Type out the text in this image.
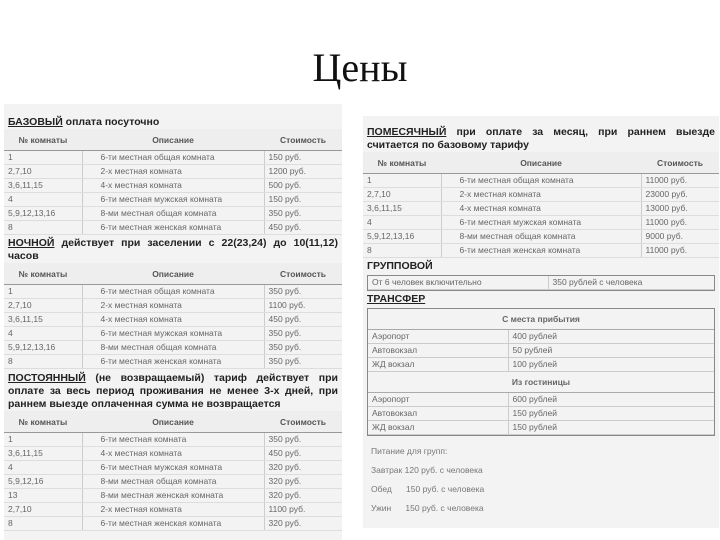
Цены
БАЗОВЫЙ оплата посуточно
№ комнаты	Описание	Стоимость
1	6-ти местная общая комната	150 руб.
2,7,10	2-х местная комната	1200 руб.
3,6,11,15	4-х местная комната	500 руб.
4	6-ти местная мужская комната	150 руб.
5,9,12,13,16	8-ми местная общая комната	350 руб.
8	6-ти местная женская комната	450 руб.
НОЧНОЙ действует при заселении с 22(23,24) до 10(11,12) часов
№ комнаты	Описание	Стоимость
1	6-ти местная общая комната	350 руб.
2,7,10	2-х местная комната	1100 руб.
3,6,11,15	4-х местная комната	450 руб.
4	6-ти местная мужская комната	350 руб.
5,9,12,13,16	8-ми местная общая комната	350 руб.
8	6-ти местная женская комната	350 руб.
ПОСТОЯННЫЙ (не возвращаемый) тариф действует при оплате за весь период проживания не менее 3-х дней, при раннем выезде оплаченная сумма не возвращается
№ комнаты	Описание	Стоимость
1	6-ти местная комната	350 руб.
3,6,11,15	4-х местная комната	450 руб.
4	6-ти местная мужская комната	320 руб.
5,9,12,16	8-ми местная общая комната	320 руб.
13	8-ми местная женская комната	320 руб.
2,7,10	2-х местная комната	1100 руб.
8	6-ти местная женская комната	320 руб.
ПОМЕСЯЧНЫЙ при оплате за месяц, при раннем выезде считается по базовому тарифу
№ комнаты	Описание	Стоимость
1	6-ти местная общая комната	11000 руб.
2,7,10	2-х местная комната	23000 руб.
3,6,11,15	4-х местная комната	13000 руб.
4	6-ти местная мужская комната	11000 руб.
5,9,12,13,16	8-ми местная общая комната	9000 руб.
8	6-ти местная женская комната	11000 руб.
ГРУППОВОЙ
От 6 человек включительно	350 рублей с человека
ТРАНСФЕР
С места прибытия
Аэропорт	400 рублей
Автовокзал	50 рублей
ЖД вокзал	100 рублей
Из гостиницы
Аэропорт	600 рублей
Автовокзал	150 рублей
ЖД вокзал	150 рублей
Питание для групп:
Завтрак 120 руб. с человека
Обед      150 руб. с человека
Ужин      150 руб. с человека
